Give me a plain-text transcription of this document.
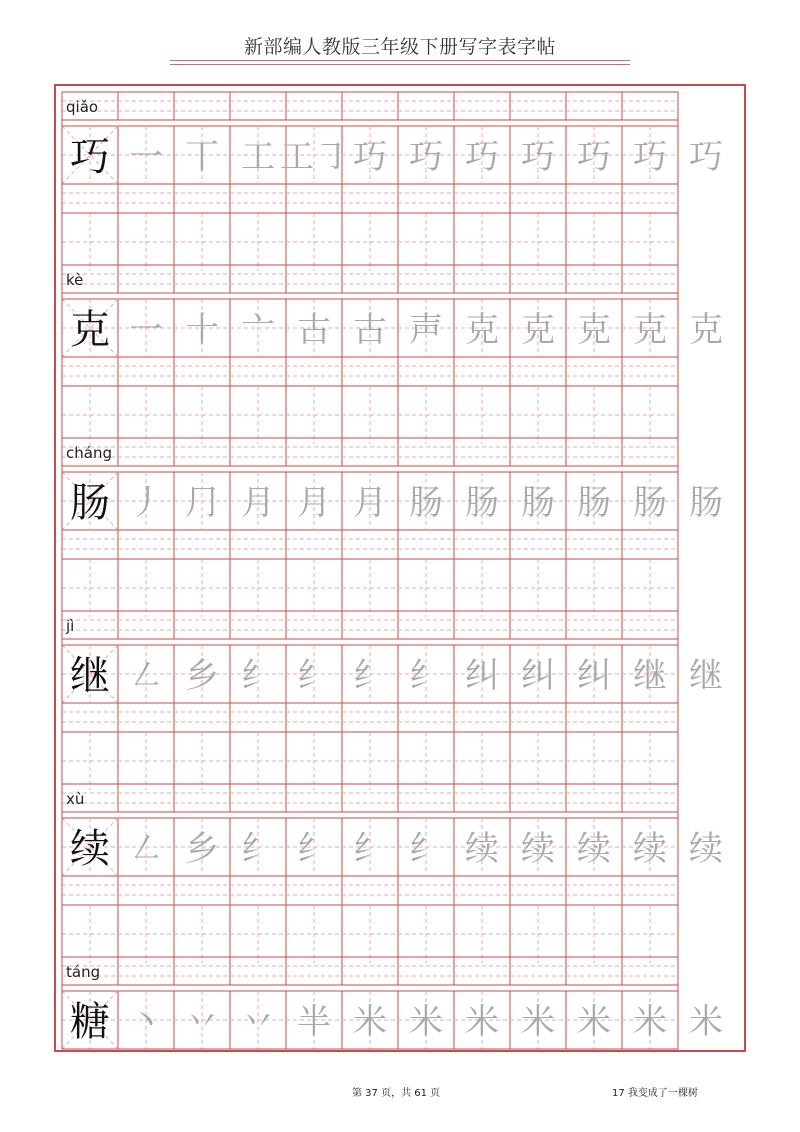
新部编人教版三年级下册写字表字帖
qiǎo
巧 一 丅 工 工㇆ 巧 巧 巧 巧 巧 巧 巧
kè
克 一 十 亠 古 古 声 克 克 克 克 克
cháng
肠 丿 ⺆ 月 月 月 肠 肠 肠 肠 肠 肠
jì
继 ㇜ 乡 纟 纟 纟 纟 纠 纠 纠 继 继
xù
续 ㇜ 乡 纟 纟 纟 纟 续 续 续 续 续
táng
糖 丶 丷 丷 半 米 米 米 米 米 米 米
第 37 页，共 61 页	17 我变成了一棵树
